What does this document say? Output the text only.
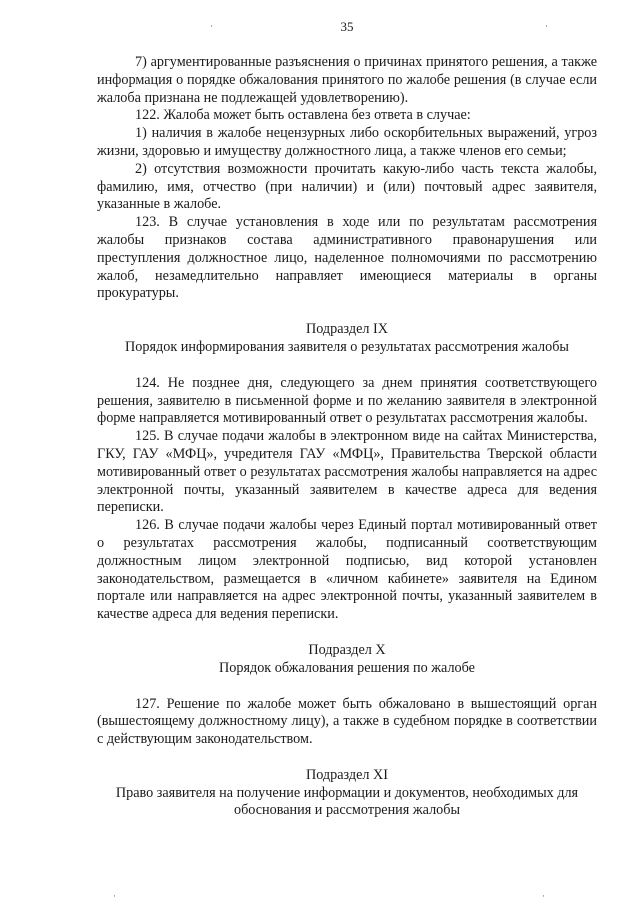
35

7) аргументированные разъяснения о причинах принятого решения, а также информация о порядке обжалования принятого по жалобе решения (в случае если жалоба признана не подлежащей удовлетворению).

122. Жалоба может быть оставлена без ответа в случае:

1) наличия в жалобе нецензурных либо оскорбительных выражений, угроз жизни, здоровью и имуществу должностного лица, а также членов его семьи;

2) отсутствия возможности прочитать какую-либо часть текста жалобы, фамилию, имя, отчество (при наличии) и (или) почтовый адрес заявителя, указанные в жалобе.

123. В случае установления в ходе или по результатам рассмотрения жалобы признаков состава административного правонарушения или преступления должностное лицо, наделенное полномочиями по рассмотрению жалоб, незамедлительно направляет имеющиеся материалы в органы прокуратуры.

Подраздел IX

Порядок информирования заявителя о результатах рассмотрения жалобы

124. Не позднее дня, следующего за днем принятия соответствующего решения, заявителю в письменной форме и по желанию заявителя в электронной форме направляется мотивированный ответ о результатах рассмотрения жалобы.

125. В случае подачи жалобы в электронном виде на сайтах Министерства, ГКУ, ГАУ «МФЦ», учредителя ГАУ «МФЦ», Правительства Тверской области мотивированный ответ о результатах рассмотрения жалобы направляется на адрес электронной почты, указанный заявителем в качестве адреса для ведения переписки.

126. В случае подачи жалобы через Единый портал мотивированный ответ о результатах рассмотрения жалобы, подписанный соответствующим должностным лицом электронной подписью, вид которой установлен законодательством, размещается в «личном кабинете» заявителя на Едином портале или направляется на адрес электронной почты, указанный заявителем в качестве адреса для ведения переписки.

Подраздел X

Порядок обжалования решения по жалобе

127. Решение по жалобе может быть обжаловано в вышестоящий орган (вышестоящему должностному лицу), а также в судебном порядке в соответствии с действующим законодательством.

Подраздел XI

Право заявителя на получение информации и документов, необходимых для обоснования и рассмотрения жалобы

·	·
·	·
